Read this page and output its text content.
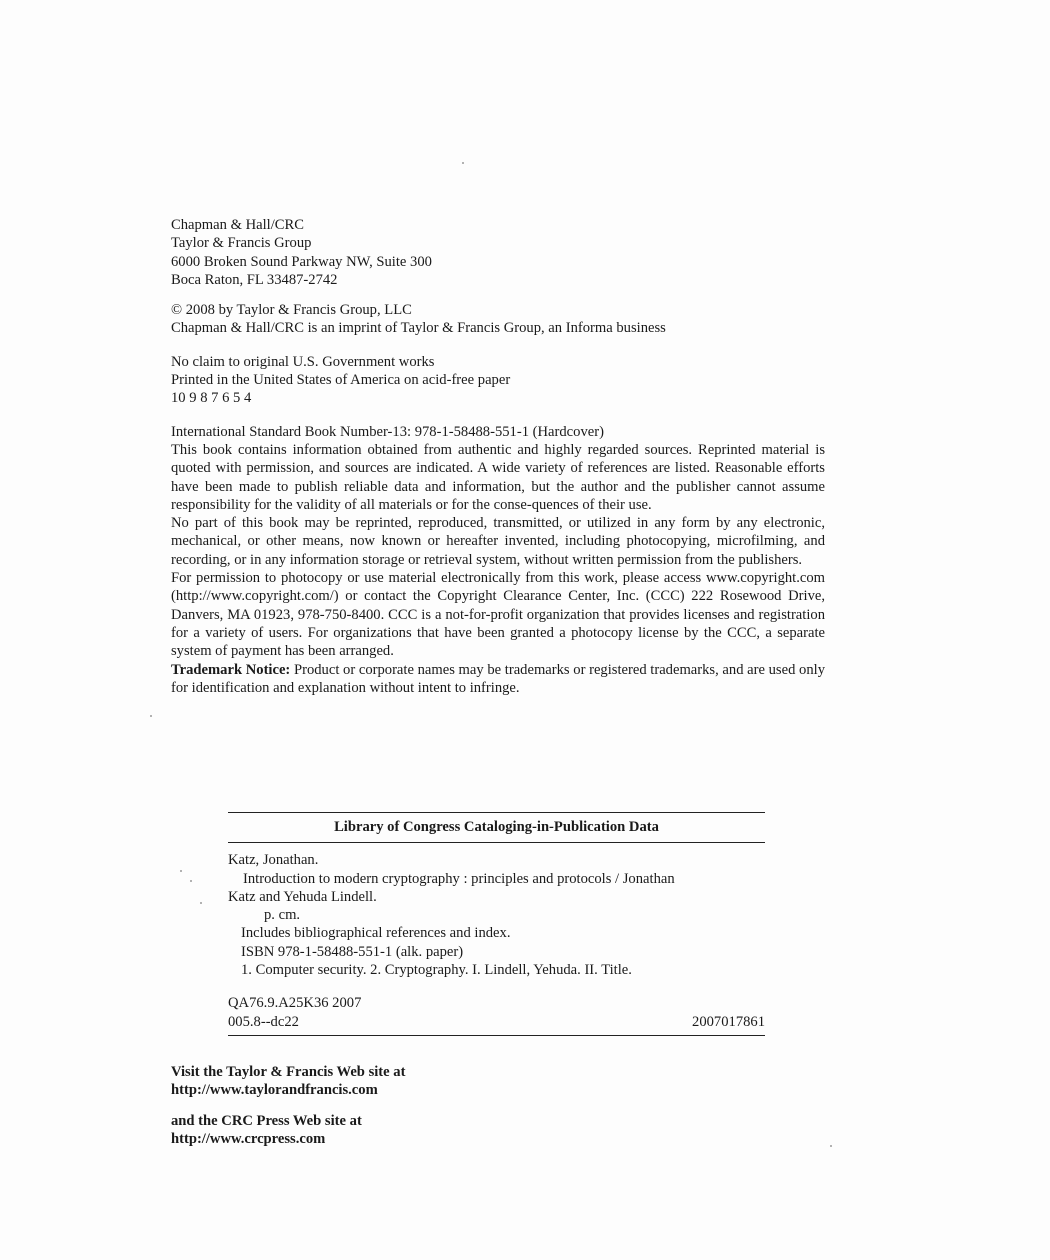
Chapman & Hall/CRC
Taylor & Francis Group
6000 Broken Sound Parkway NW, Suite 300
Boca Raton, FL 33487-2742
© 2008 by Taylor & Francis Group, LLC
Chapman & Hall/CRC is an imprint of Taylor & Francis Group, an Informa business
No claim to original U.S. Government works
Printed in the United States of America on acid-free paper
10 9 8 7 6 5 4
International Standard Book Number-13: 978-1-58488-551-1 (Hardcover)

This book contains information obtained from authentic and highly regarded sources. Reprinted material is quoted with permission, and sources are indicated. A wide variety of references are listed. Reasonable efforts have been made to publish reliable data and information, but the author and the publisher cannot assume responsibility for the validity of all materials or for the conse-quences of their use.

No part of this book may be reprinted, reproduced, transmitted, or utilized in any form by any electronic, mechanical, or other means, now known or hereafter invented, including photocopying, microfilming, and recording, or in any information storage or retrieval system, without written permission from the publishers.

For permission to photocopy or use material electronically from this work, please access www.copyright.com (http://www.copyright.com/) or contact the Copyright Clearance Center, Inc. (CCC) 222 Rosewood Drive, Danvers, MA 01923, 978-750-8400. CCC is a not-for-profit organization that provides licenses and registration for a variety of users. For organizations that have been granted a photocopy license by the CCC, a separate system of payment has been arranged.

Trademark Notice: Product or corporate names may be trademarks or registered trademarks, and are used only for identification and explanation without intent to infringe.

Library of Congress Cataloging-in-Publication Data
Katz, Jonathan.
Introduction to modern cryptography : principles and protocols / Jonathan
Katz and Yehuda Lindell.
p. cm.
Includes bibliographical references and index.
ISBN 978-1-58488-551-1 (alk. paper)
1. Computer security. 2. Cryptography. I. Lindell, Yehuda. II. Title.
QA76.9.A25K36 2007
005.8--dc22	2007017861
Visit the Taylor & Francis Web site at
http://www.taylorandfrancis.com
and the CRC Press Web site at
http://www.crcpress.com
